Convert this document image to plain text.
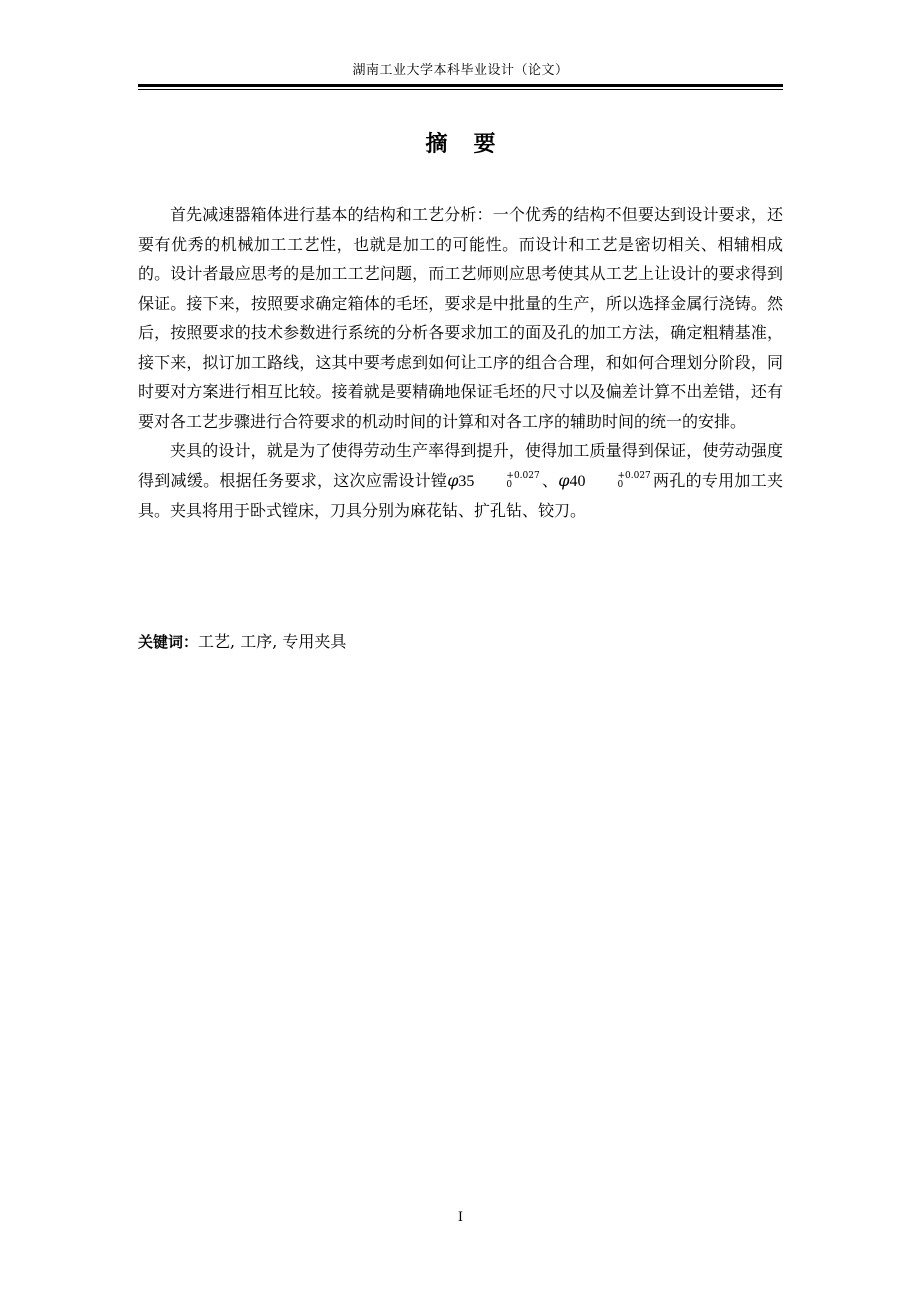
湖南工业大学本科毕业设计（论文）
摘要

首先减速器箱体进行基本的结构和工艺分析：一个优秀的结构不但要达到设计要求，还要有优秀的机械加工工艺性，也就是加工的可能性。而设计和工艺是密切相关、相辅相成的。设计者最应思考的是加工工艺问题，而工艺师则应思考使其从工艺上让设计的要求得到保证。接下来，按照要求确定箱体的毛坯，要求是中批量的生产，所以选择金属行浇铸。然后，按照要求的技术参数进行系统的分析各要求加工的面及孔的加工方法，确定粗精基准，接下来，拟订加工路线，这其中要考虑到如何让工序的组合合理，和如何合理划分阶段，同时要对方案进行相互比较。接着就是要精确地保证毛坯的尺寸以及偏差计算不出差错，还有要对各工艺步骤进行合符要求的机动时间的计算和对各工序的辅助时间的统一的安排。

夹具的设计，就是为了使得劳动生产率得到提升，使得加工质量得到保证，使劳动强度得到减缓。根据任务要求，这次应需设计镗φ35	+0.027
0	、φ40	+0.027
0	两孔的专用加工夹具。夹具将用于卧式镗床，刀具分别为麻花钻、扩孔钻、铰刀。

关键词：工艺, 工序, 专用夹具
I
